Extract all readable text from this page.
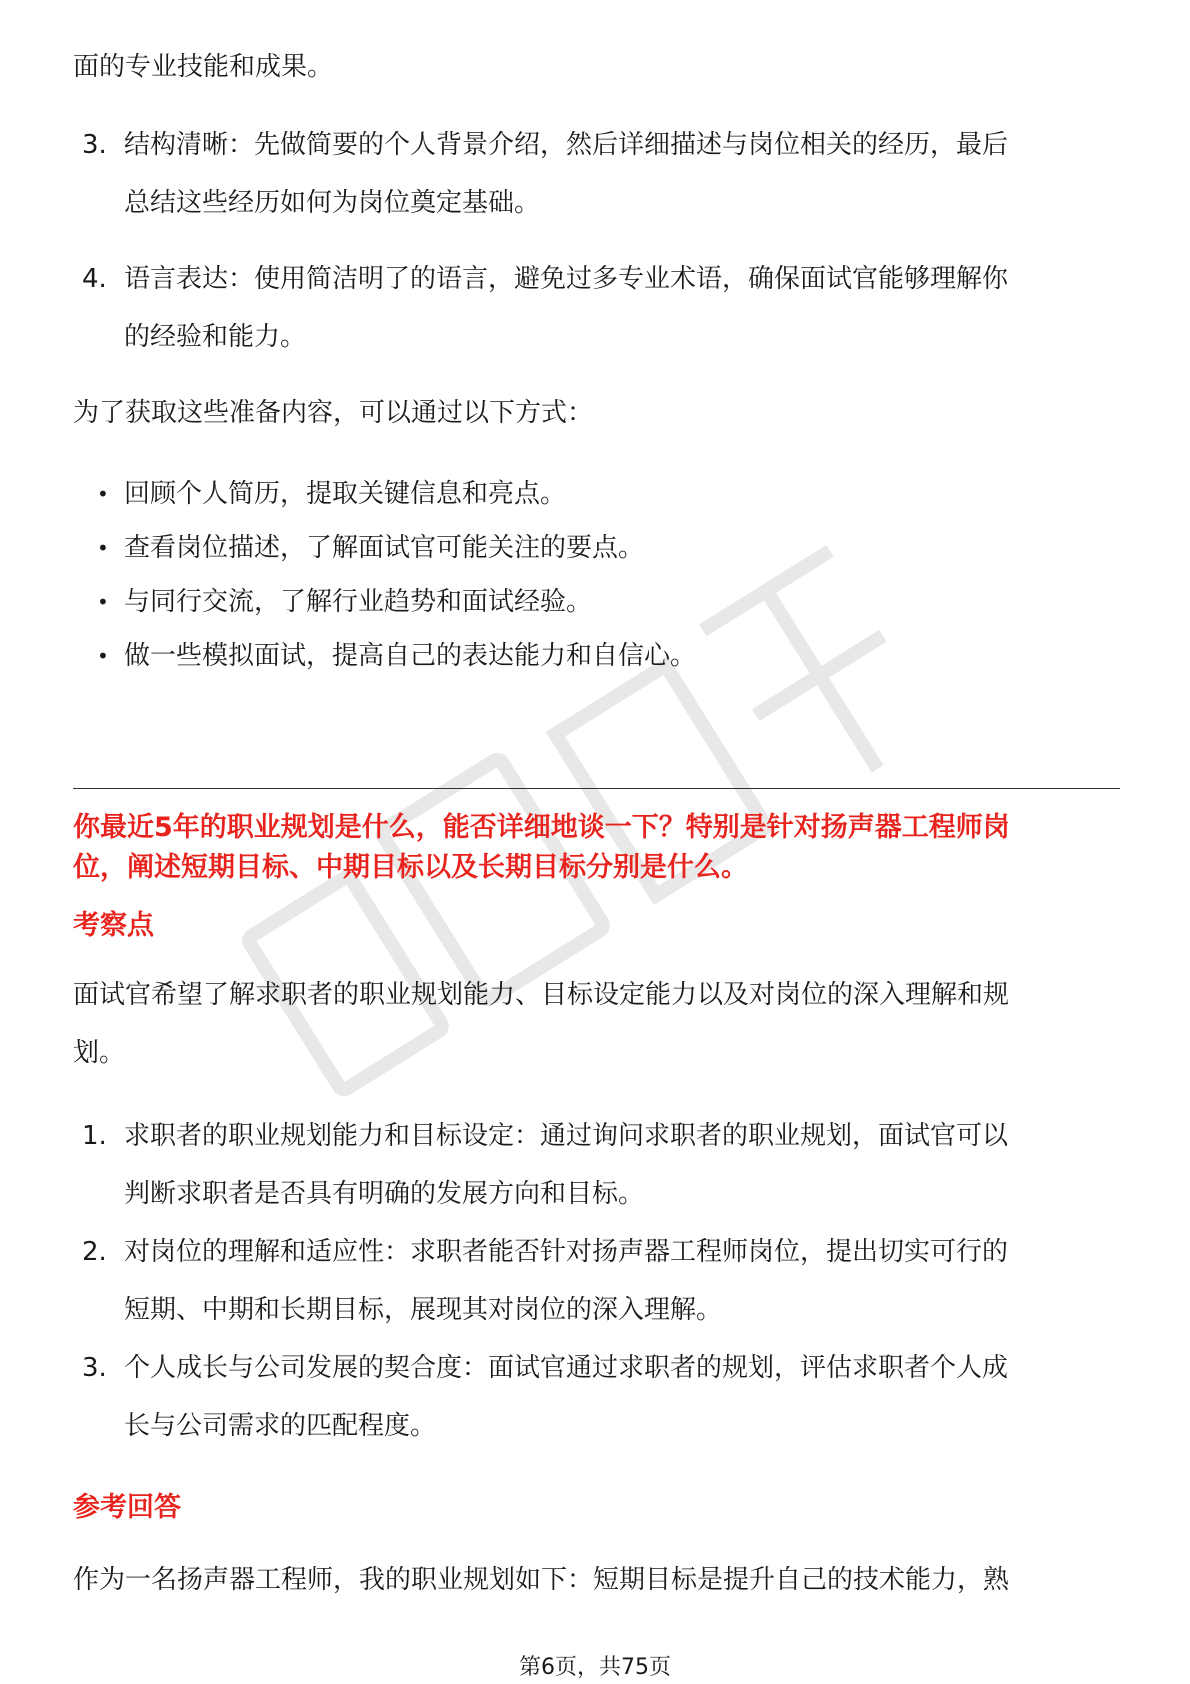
面的专业技能和成果。

3. 结构清晰：先做简要的个人背景介绍，然后详细描述与岗位相关的经历，最后
总结这些经历如何为岗位奠定基础。
4. 语言表达：使用简洁明了的语言，避免过多专业术语，确保面试官能够理解你
的经验和能力。

为了获取这些准备内容，可以通过以下方式：

• 回顾个人简历，提取关键信息和亮点。
• 查看岗位描述，了解面试官可能关注的要点。
• 与同行交流，了解行业趋势和面试经验。
• 做一些模拟面试，提高自己的表达能力和自信心。
你最近5年的职业规划是什么，能否详细地谈一下？特别是针对扬声器工程师岗
位，阐述短期目标、中期目标以及长期目标分别是什么。
考察点
面试官希望了解求职者的职业规划能力、目标设定能力以及对岗位的深入理解和规
划。
1. 求职者的职业规划能力和目标设定：通过询问求职者的职业规划，面试官可以
判断求职者是否具有明确的发展方向和目标。
2. 对岗位的理解和适应性：求职者能否针对扬声器工程师岗位，提出切实可行的
短期、中期和长期目标，展现其对岗位的深入理解。
3. 个人成长与公司发展的契合度：面试官通过求职者的规划，评估求职者个人成
长与公司需求的匹配程度。
参考回答

作为一名扬声器工程师，我的职业规划如下：短期目标是提升自己的技术能力，熟

第6页，共75页
